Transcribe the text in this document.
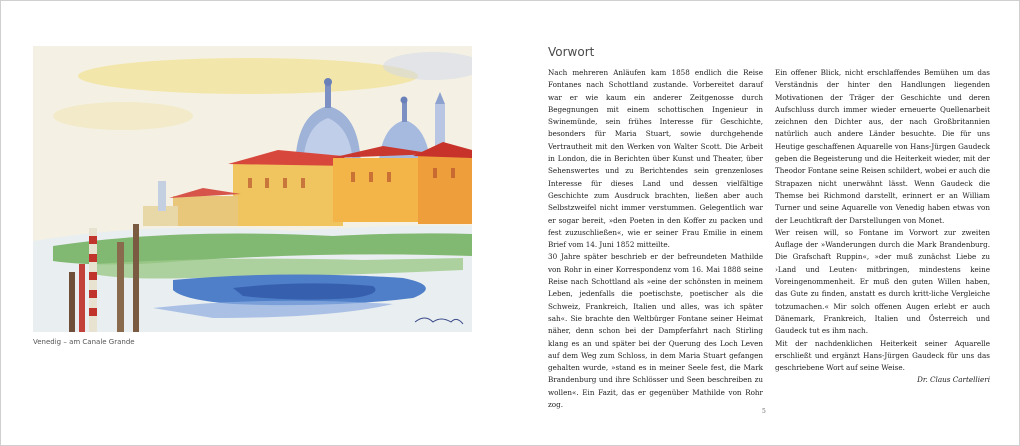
Venedig – am Canale Grande
Vorwort

Nach mehreren Anläufen kam 1858 endlich die Reise Fontanes nach Schottland zustande. Vorbereitet darauf war er wie kaum ein anderer Zeitgenosse durch Begegnungen mit einem schottischen Ingenieur in Swinemünde, sein frühes Interesse für Geschichte, besonders für Maria Stuart, sowie durchgehende Vertrautheit mit den Werken von Walter Scott. Die Arbeit in London, die in Berichten über Kunst und Theater, über Sehenswertes und zu Berichtendes sein grenzenloses Interesse für dieses Land und dessen vielfältige Geschichte zum Ausdruck brachten, ließen aber auch Selbstzweifel nicht immer verstummen. Gelegentlich war er sogar bereit, »den Poeten in den Koffer zu packen und fest zuzuschließen«, wie er seiner Frau Emilie in einem Brief vom 14. Juni 1852 mitteilte.

30 Jahre später beschrieb er der befreundeten Mathilde von Rohr in einer Korrespondenz vom 16. Mai 1888 seine Reise nach Schottland als »eine der schönsten in meinem Leben, jedenfalls die poetischste, poetischer als die Schweiz, Frankreich, Italien und alles, was ich später sah«. Sie brachte den Weltbürger Fontane seiner Heimat näher, denn schon bei der Dampferfahrt nach Stirling klang es an und später bei der Querung des Loch Leven auf dem Weg zum Schloss, in dem Maria Stuart gefangen gehalten wurde, »stand es in meiner Seele fest, die Mark Brandenburg und ihre Schlösser und Seen beschreiben zu wollen«. Ein Fazit, das er gegenüber Mathilde von Rohr zog.

Ein offener Blick, nicht erschlaffendes Bemühen um das Verständnis der hinter den Handlungen liegenden Motivationen der Träger der Geschichte und deren Aufschluss durch immer wieder erneuerte Quellenarbeit zeichnen den Dichter aus, der nach Großbritannien natürlich auch andere Länder besuchte. Die für uns Heutige geschaffenen Aquarelle von Hans-Jürgen Gaudeck geben die Begeisterung und die Heiterkeit wieder, mit der Theodor Fontane seine Reisen schildert, wobei er auch die Strapazen nicht unerwähnt lässt. Wenn Gaudeck die Themse bei Richmond darstellt, erinnert er an William Turner und seine Aquarelle von Venedig haben etwas von der Leuchtkraft der Darstellungen von Monet.

Wer reisen will, so Fontane im Vorwort zur zweiten Auflage der »Wanderungen durch die Mark Brandenburg. Die Grafschaft Ruppin«, »der muß zunächst Liebe zu ›Land und Leuten‹ mitbringen, mindestens keine Voreingenommenheit. Er muß den guten Willen haben, das Gute zu finden, anstatt es durch kritt-liche Vergleiche totzumachen.« Mir solch offenen Augen erlebt er auch Dänemark, Frankreich, Italien und Österreich und Gaudeck tut es ihm nach.

Mit der nachdenklichen Heiterkeit seiner Aquarelle erschließt und ergänzt Hans-Jürgen Gaudeck für uns das geschriebene Wort auf seine Weise.

Dr. Claus Cartellieri

5
